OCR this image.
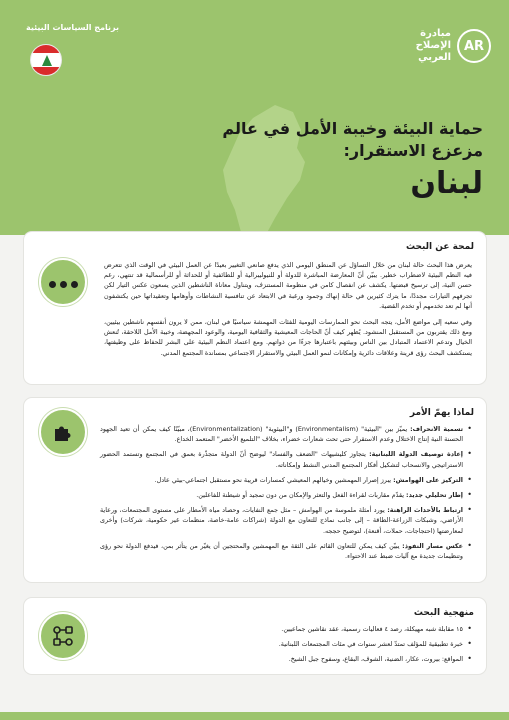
برنامج السياسات البيئية
AR
مبادرة
الإصلاح
العربي
حماية البيئة وخيبة الأمل في عالم
مزعزع الاستقرار:
لبنان
لمحة عن البحث

يعرض هذا البحث حالة لبنان من خلال التساؤل عن المنطق اليومي الذي يدفع صانعي التغيير بعيدًا عن العمل البيئي في الوقت الذي تتعرض فيه النظم البيئية لاضطراب خطير. يبيّن أنّ المعارضة المباشرة للدولة أو للنيوليبرالية أو للطائفية أو للحداثة أو للرأسمالية قد تنتهي، رغم حسن النية، إلى ترسيخ قبضتها. يكشف عن انفصال كامن في منظومة المستنزف، ويتناول معاناة الناشطين الذين يسعون عكس التيار لكن تجرفهم التيارات مجددًا، ما يترك كثيرين في حالة إنهاك وجمود ورغبة في الابتعاد عن تنافسية النشاطات وأوهامها وتعقيداتها حين يكتشفون أنها لم تعد تخدمهم أو تخدم القضية.

وفي سعيه إلى مواضع الأمل، يتجه البحث نحو الممارسات اليومية للفئات المهمشة سياسيًا في لبنان، ممن لا يرون أنفسهم ناشطين بيئيين، ومع ذلك يقتربون من المستقبل المنشود. يُظهر كيف أنّ الحاجات المعيشية والثقافية اليومية، والوعود المجهضة، وخيبة الأمل اللاحقة، تُنعش الخيال وتدعم الاعتماد المتبادل بين الناس وبيئتهم باعتبارها جزءًا من ذواتهم. ومع اعتماد النظم البيئية على البشر للحفاظ على وظيفتها، يستكشف البحث رؤى قرينة وعلاقات دائرية وإمكانات لنمو العمل البيئي والاستقرار الاجتماعي بمساندة المجتمع المدني.

لماذا يهمّ الأمر
• تسمية الانحراف: يميّز بين "البيئية" (Environmentalism) و"البيئوية" (Environmentalization)، مبيّنًا كيف يمكن أن تعيد الجهود الحسنة النية إنتاج الاختلال وعدم الاستقرار حتى تحت شعارات خضراء، بخلاف "التلميع الأخضر" المتعمد الخداع.
• إعادة توصيف الدولة اللبنانية: يتجاوز كليشيهات "الضعف والفساد" ليوضح أنّ الدولة متجذّرة بعمق في المجتمع وتستمد الحضور الاستراتيجي والانسحاب لتشكيل أفكار المجتمع المدني النشط وإمكاناته.
• التركيز على الهوامش: يبرز إصرار المهمشين وخيالهم المعيشي كمسارات قريبة نحو مستقبل اجتماعي-بيئي عادل.
• إطار تحليلي جديد: يقدّم مقاربات لقراءة الفعل والتعثر والإمكان من دون تمجيد أو شيطنة للفاعلين.
• ارتباط بالأحداث الراهنة: يورد أمثلة ملموسة من الهوامش – مثل جمع النفايات، وحصاد مياه الأمطار على مستوى المجتمعات، ورعاية الأراضي، وشبكات الزراعة-الطاقة – إلى جانب نماذج للتعاون مع الدولة (شراكات عامة-خاصة، منظمات غير حكومية، شركات) وأخرى لمعارضتها (احتجاجات، حملات، أقنعة)، لتوضيح حججه.
• عكس مسار النفوذ: يبيّن كيف يمكن للتعاون القائم على الثقة مع المهمشين والمحتجين أن يغيّر من يتأثر بمن، فيدفع الدولة نحو رؤى وتنظيمات جديدة مع آليات ضبط عند الاحتواء.
منهجية البحث
• ١٥ مقابلة شبه مهيكلة، رصد ٤ فعاليات رسمية، عقد نقاشين جماعيين.
• خبرة تطبيقية للمؤلف تمتدّ لعشر سنوات في مئات المجتمعات اللبنانية.
• المواقع: بيروت، عكار، الضنية، الشوف، البقاع، وسفوح جبل الشيخ.
